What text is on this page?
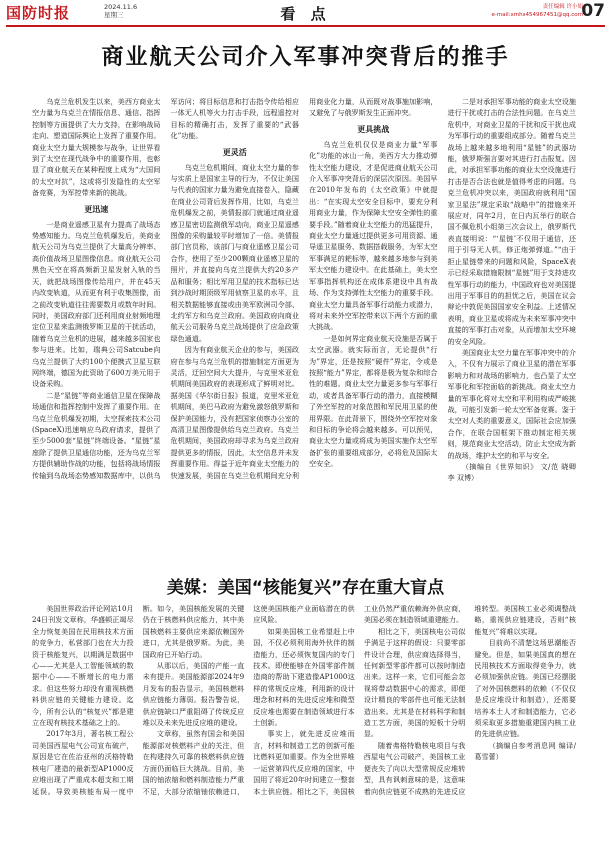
国防时报	2024.11.6
星期三	看 点	责任编辑 许小娟
e-mail:xmhs454967451@qq.com
07
商业航天公司介入军事冲突背后的推手

乌克兰危机发生以来，美西方商业太空力量为乌克兰在情报信息、通信、指挥控制等方面提供了大力支持，在影响战局走向、塑造国际舆论上发挥了重要作用。商业太空力量大规模参与战争，让世界看到了太空在现代战争中的重要作用，也彰显了商业航天在某种程度上成为“大国间的太空对抗”，这或将引发隐性的太空军备竞赛，为军控带来新的挑战。

更迅速

一是商业遥感卫星有力提高了战场态势感知能力。乌克兰危机爆发后，美商业航天公司为乌克兰提供了大量高分辨率、高价值战场卫星图像信息。商业航天公司黑色天空在将高频新卫星发射入轨的当天，就把战场图像传给用户，并在45天内改变轨道，从而更有利于收集图像，而之前改变轨道往往需要数月或数年时间。同时，美国政府部门还利用商业射频地理定位卫星来监测俄罗斯卫星的干扰活动，随着乌克兰危机的进展，越来越多国家也参与进来。比如，瑞典公司Satcube向乌克兰提供了大约100个便携式卫星互联网终端，德国为此资助了600万美元用于设备采购。

二是“星链”等商业通信卫星在保障战场通信和指挥控制中发挥了重要作用。在乌克兰危机爆发初期，太空探索技术公司(SpaceX)迅速响应乌政府请求，提供了至少5000套“星链”终端设备。“星链”星座除了提供卫星通信功能，还为乌克兰军方提供辅助作战的功能，包括将战场情报传输到乌战场态势感知数据库中，以供乌军访问；将目标信息和打击指令传给相应一体无人机等火力打击手段，远程遥控对目标的精确打击，发挥了重要的“武器化”功能。

更灵活

乌克兰危机期间，商业太空力量的参与实质上是国家主导的行为，不仅让美国与代表的国家力量为避免直接卷入，隐藏在商业公司背后发挥作用，比如，乌克兰危机爆发之前，美情报部门就通过商业遥感卫星密切监测俄军动向，商业卫星遥感图像的采购量较平时增加了一倍。美情报部门官员称，该部门与商业遥感卫星公司合作，使用了至少200颗商业遥感卫星的照片，并直接向乌克兰提供大约20多产品和服务；相比军用卫星的技术指标已达到沙战时期顶级军用侦察卫星的水平，且相关数据能够直接或由美军欧洲司令部、北约军方和乌克兰政府。美国政府向商业航天公司服务乌克兰战场提供了应急政策绿色通道。

因为有商业航天企业的参与，美国政府在参与乌克兰危机的措施制定方面更为灵活，迂回空间大大提升，与克里米亚危机期间美国政府的表现形成了鲜明对比。据美国《华尔街日报》报道，克里米亚危机期间，美巴马政府为避免激怒俄罗斯和保护美国能力，没有把国家侦察办公室的高清卫星图像提供给乌克兰政府。乌克兰危机期间，美国政府却寻求为乌克兰政府提供更多的情报，因此，太空信息并未发挥重要作用。得益于近年商业太空能力的快速发展，美国在乌克兰危机期间充分利用商业化力量，从而既对战事施加影响，又避免了与俄罗斯发生正面冲突。

更具挑战

乌克兰危机仅仅是商业力量“军事化”功能的冰山一角，美西方大力推动弹性太空能力建设，才是促进商业航天公司介入军事冲突背后的深层次原因。美国早在2010年发布的《太空政策》中就提出：“在实现太空安全目标中，要充分利用商业力量，作为保障太空安全弹性的重要手段。”随着商业太空能力的迅猛提升，商业太空力量通过提供更多可用资源、通导遥卫星服务、数据搭载服务，为军太空军事满足的耙标等，越来越多地参与到美军太空能力建设中。在此基础上，美太空军事指挥机构还在成体系建设中具有战场、作为支持弹性太空能力的重要手段。商业太空力量具备军事行动能力或潜力，将对未来外空军控带来以下两个方面的重大挑战。

一是如何界定商业航天设施是否属于太空武器。就实际而言，无论提供“行为”界定，还是按照“硬件”界定，令或是按照“能力”界定，都将是极为复杂和综合性的难题。商业太空力量更多参与军事行动，或者具备军事行动的潜力，直接模糊了外空军控的对象范围和军民用卫星的使用界限。在此背景下，围绕外空军控对象和目标的争论将会越来越多。可以预见，商业太空力量或将成为美国实施作太空军备扩张的重要组成部分，必将危及国际太空安全。

二是对承担军事功能的商业太空设施进行干扰或打击的合法性问题。在乌克兰危机中，对商业卫星的干扰和反干扰也成为军事行动的重要组成部分。随着乌克兰战场上越来越多地利用“星链”的武器功能，俄罗斯强言要对其进行打击报复。因此，对承担军事功能的商业太空设施进行打击是否合法也就是值得考虑的问题。乌克兰危机冲突以来，美国政府就利用“国家卫星法”规定采取“战略中”的措施来开展应对，同年2月，在日内瓦举行的联合国不佩危机小组第三次会议上，俄罗斯代表直接明说：“‘星链’不仅用于通信，还用于引导无人机，修正炮弹弹道。”“由于拒止星链带来的问题和风险，SpaceX表示已经采取措施限制“星链”用于支持进攻性军事行动的能力，中国政府也对美国提出用于军事目的的担忧之后，美国在议会辩论中敦促美国国家安全利益。上述情况表明，商业卫星或将成为未来军事冲突中直接的军事打击对象，从而增加太空环境的安全风险。

美国商业太空力量在军事冲突中的介入，不仅有力展示了商业卫星的潜在军事影响力和对战场的影响力，也凸显了太空军事化和军控面临的新挑战。商业太空力量的军事化将对太空和平利用构成严峻挑战，可能引发新一轮太空军备竞赛。鉴于太空对人类的重要意义，国际社会应加强合作，在联合国框架下推动制定相关规则，规范商业太空活动，防止太空成为新的战场，维护太空的和平与安全。

（摘编自《世界知识》 文/范 晓卿 李 双博）

美媒：美国“核能复兴”存在重大盲点

美国世界政治评论网站10月24日刊发文章称，华盛顿正竭尽全力恢复美国在民用核技术方面的竞争力，私营部门也在大力投资于核能复兴，以期满足数据中心——尤其是人工智能领域的数据中心——不断增长的电力需求。但这些努力却没有重视核燃料供应链的关键能力建设。迄今，所有公认的“核复兴”都是建立在现有核技术基础之上的。

2017年3月，著名核工程公司美国西屋电气公司宣布破产，原因是它在佐治亚州的沃格特勒核电厂建造的最新型AP1000反应堆出现了严重成本超支和工期延误。导致美核能布局一度中断。如今，美国核能发展的关键仍在于核燃料供应能力，其中美国核燃料主要供应来源依赖国外进口，尤其是俄罗斯。为此，美国政府已开始行动。

从那以后，美国的产能一直未有提升。美国能源部2024年9月发布的报告显示，美国核燃料供应链能力薄弱。报告警告说，供应链缺口严重阻碍了传统反应堆以及未来先进反应堆的建设。

文章称，虽然有国会和美国能源部对核燃料产业的关注，但在构建持久可靠的核燃料供应链方面仍面临巨大挑战。目前，美国的铀浓缩和燃料制造能力严重不足，大部分浓缩铀依赖进口，这使美国核能产业面临潜在的供应风险。

如果美国核工业希望赶上中国，不仅必须利用海外伙伴的制造能力，还必须恢复国内的专门技术。即使能够在外国零部件制造商的帮助下建造像AP1000这样的常规反应堆，利用新的设计理念和材料的先进反应堆和微型反应堆也需要在制造领域进行本土创新。

事实上，就先进反应堆而言，材料和制造工艺的创新可能比燃料更加重要。作为全世界唯一运营第四代反应堆的国家，中国用了将近20年时间建立一整套本土供应链。相比之下，美国核工业仍然严重依赖海外供应商，美国必须在制造领域重建能力。

相比之下，美国核电公司似乎满足于这样的假设：只要零部件设计合理，供应商选择得当，任何新型零部件都可以按时制造出来。这样一来，它们可能会忽视将带动数据中心的需求，即便设计精良的零部件也可能无法制造出来。尤其是在材料科学和制造工艺方面，美国的短板十分明显。

随着弗格特勒核电项目与我西屋电气公司破产，美国核工业便丧失了向以大型常规反应堆转型，具有讽刺意味的是，这意味着向供应链更不成熟的先进反应堆转型。美国核工业必须调整战略，重视供应链建设，否则“核能复兴”将难以实现。

目前尚不清楚这场思潮能否避免。但是，如果美国真的想在民用核技术方面取得竞争力，就必须加强供应链。美国已经摆脱了对外国核燃料的依赖（不仅仅是反应堆设计和制造），还需要培养本土人才和制造能力，它必须采取更多措施重建国内核工业的先进供应链。

（摘编自参考消息网 编译/葛雪蕾）
